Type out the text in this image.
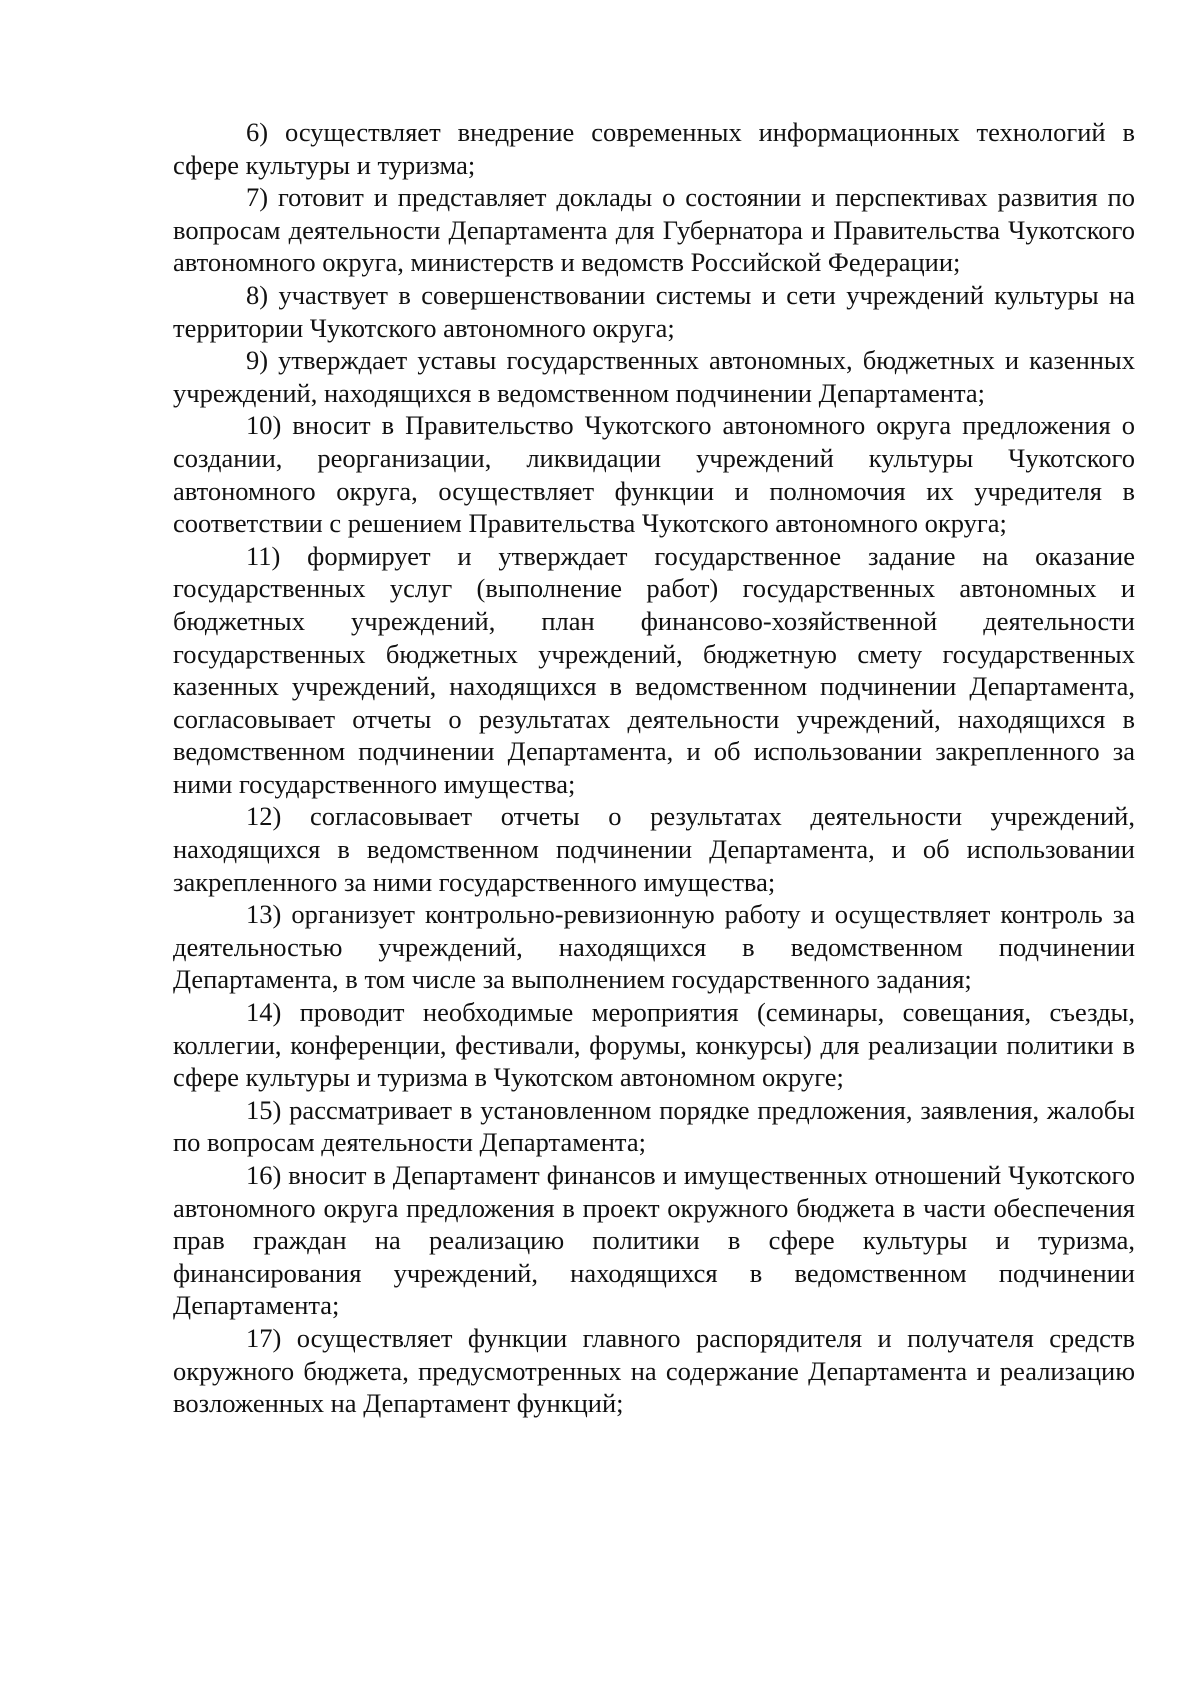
6) осуществляет внедрение современных информационных технологий в сфере культуры и туризма;

7) готовит и представляет доклады о состоянии и перспективах развития по вопросам деятельности Департамента для Губернатора и Правительства Чукотского автономного округа, министерств и ведомств Российской Федерации;

8) участвует в совершенствовании системы и сети учреждений культуры на территории Чукотского автономного округа;

9) утверждает уставы государственных автономных, бюджетных и казенных учреждений, находящихся в ведомственном подчинении Департамента;

10) вносит в Правительство Чукотского автономного округа предложения о создании, реорганизации, ликвидации учреждений культуры Чукотского автономного округа, осуществляет функции и полномочия их учредителя в соответствии с решением Правительства Чукотского автономного округа;

11) формирует и утверждает государственное задание на оказание государственных услуг (выполнение работ) государственных автономных и бюджетных учреждений, план финансово-хозяйственной деятельности государственных бюджетных учреждений, бюджетную смету государственных казенных учреждений, находящихся в ведомственном подчинении Департамента, согласовывает отчеты о результатах деятельности учреждений, находящихся в ведомственном подчинении Департамента, и об использовании закрепленного за ними государственного имущества;

12) согласовывает отчеты о результатах деятельности учреждений, находящихся в ведомственном подчинении Департамента, и об использовании закрепленного за ними государственного имущества;

13) организует контрольно-ревизионную работу и осуществляет контроль за деятельностью учреждений, находящихся в ведомственном подчинении Департамента, в том числе за выполнением государственного задания;

14) проводит необходимые мероприятия (семинары, совещания, съезды, коллегии, конференции, фестивали, форумы, конкурсы) для реализации политики в сфере культуры и туризма в Чукотском автономном округе;

15) рассматривает в установленном порядке предложения, заявления, жалобы по вопросам деятельности Департамента;

16) вносит в Департамент финансов и имущественных отношений Чукотского автономного округа предложения в проект окружного бюджета в части обеспечения прав граждан на реализацию политики в сфере культуры и туризма, финансирования учреждений, находящихся в ведомственном подчинении Департамента;

17) осуществляет функции главного распорядителя и получателя средств окружного бюджета, предусмотренных на содержание Департамента и реализацию возложенных на Департамент функций;
